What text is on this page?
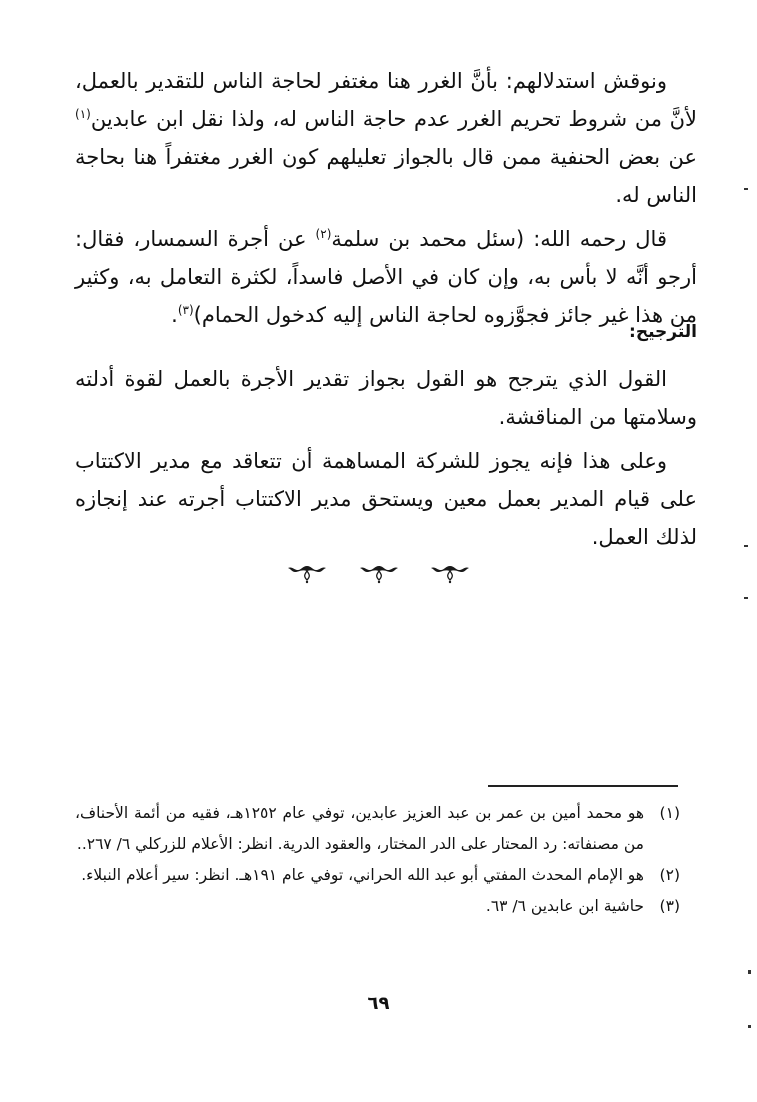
ونوقش استدلالهم: بأنَّ الغرر هنا مغتفر لحاجة الناس للتقدير بالعمل، لأنَّ من شروط تحريم الغرر عدم حاجة الناس له، ولذا نقل ابن عابدين$^{(١)}$ عن بعض الحنفية ممن قال بالجواز تعليلهم كون الغرر مغتفراً هنا بحاجة الناس له.

قال رحمه الله: (سئل محمد بن سلمة$^{(٢)}$ عن أجرة السمسار، فقال: أرجو أنَّه لا بأس به، وإن كان في الأصل فاسداً، لكثرة التعامل به، وكثير من هذا غير جائز فجوَّزوه لحاجة الناس إليه كدخول الحمام)$^{(٣)}$.

الترجيح:

القول الذي يترجح هو القول بجواز تقدير الأجرة بالعمل لقوة أدلته وسلامتها من المناقشة.

وعلى هذا فإنه يجوز للشركة المساهمة أن تتعاقد مع مدير الاكتتاب على قيام المدير بعمل معين ويستحق مدير الاكتتاب أجرته عند إنجازه لذلك العمل.

(١)
هو محمد أمين بن عمر بن عبد العزيز عابدين، توفي عام ١٢٥٢هـ، فقيه من أئمة الأحناف، من مصنفاته: رد المحتار على الدر المختار، والعقود الدرية. انظر: الأعلام للزركلي ٦/ ٢٦٧..

(٢)
هو الإمام المحدث المفتي أبو عبد الله الحراني، توفي عام ١٩١هـ. انظر: سير أعلام النبلاء.

(٣)
حاشية ابن عابدين ٦/ ٦٣.

٦٩
